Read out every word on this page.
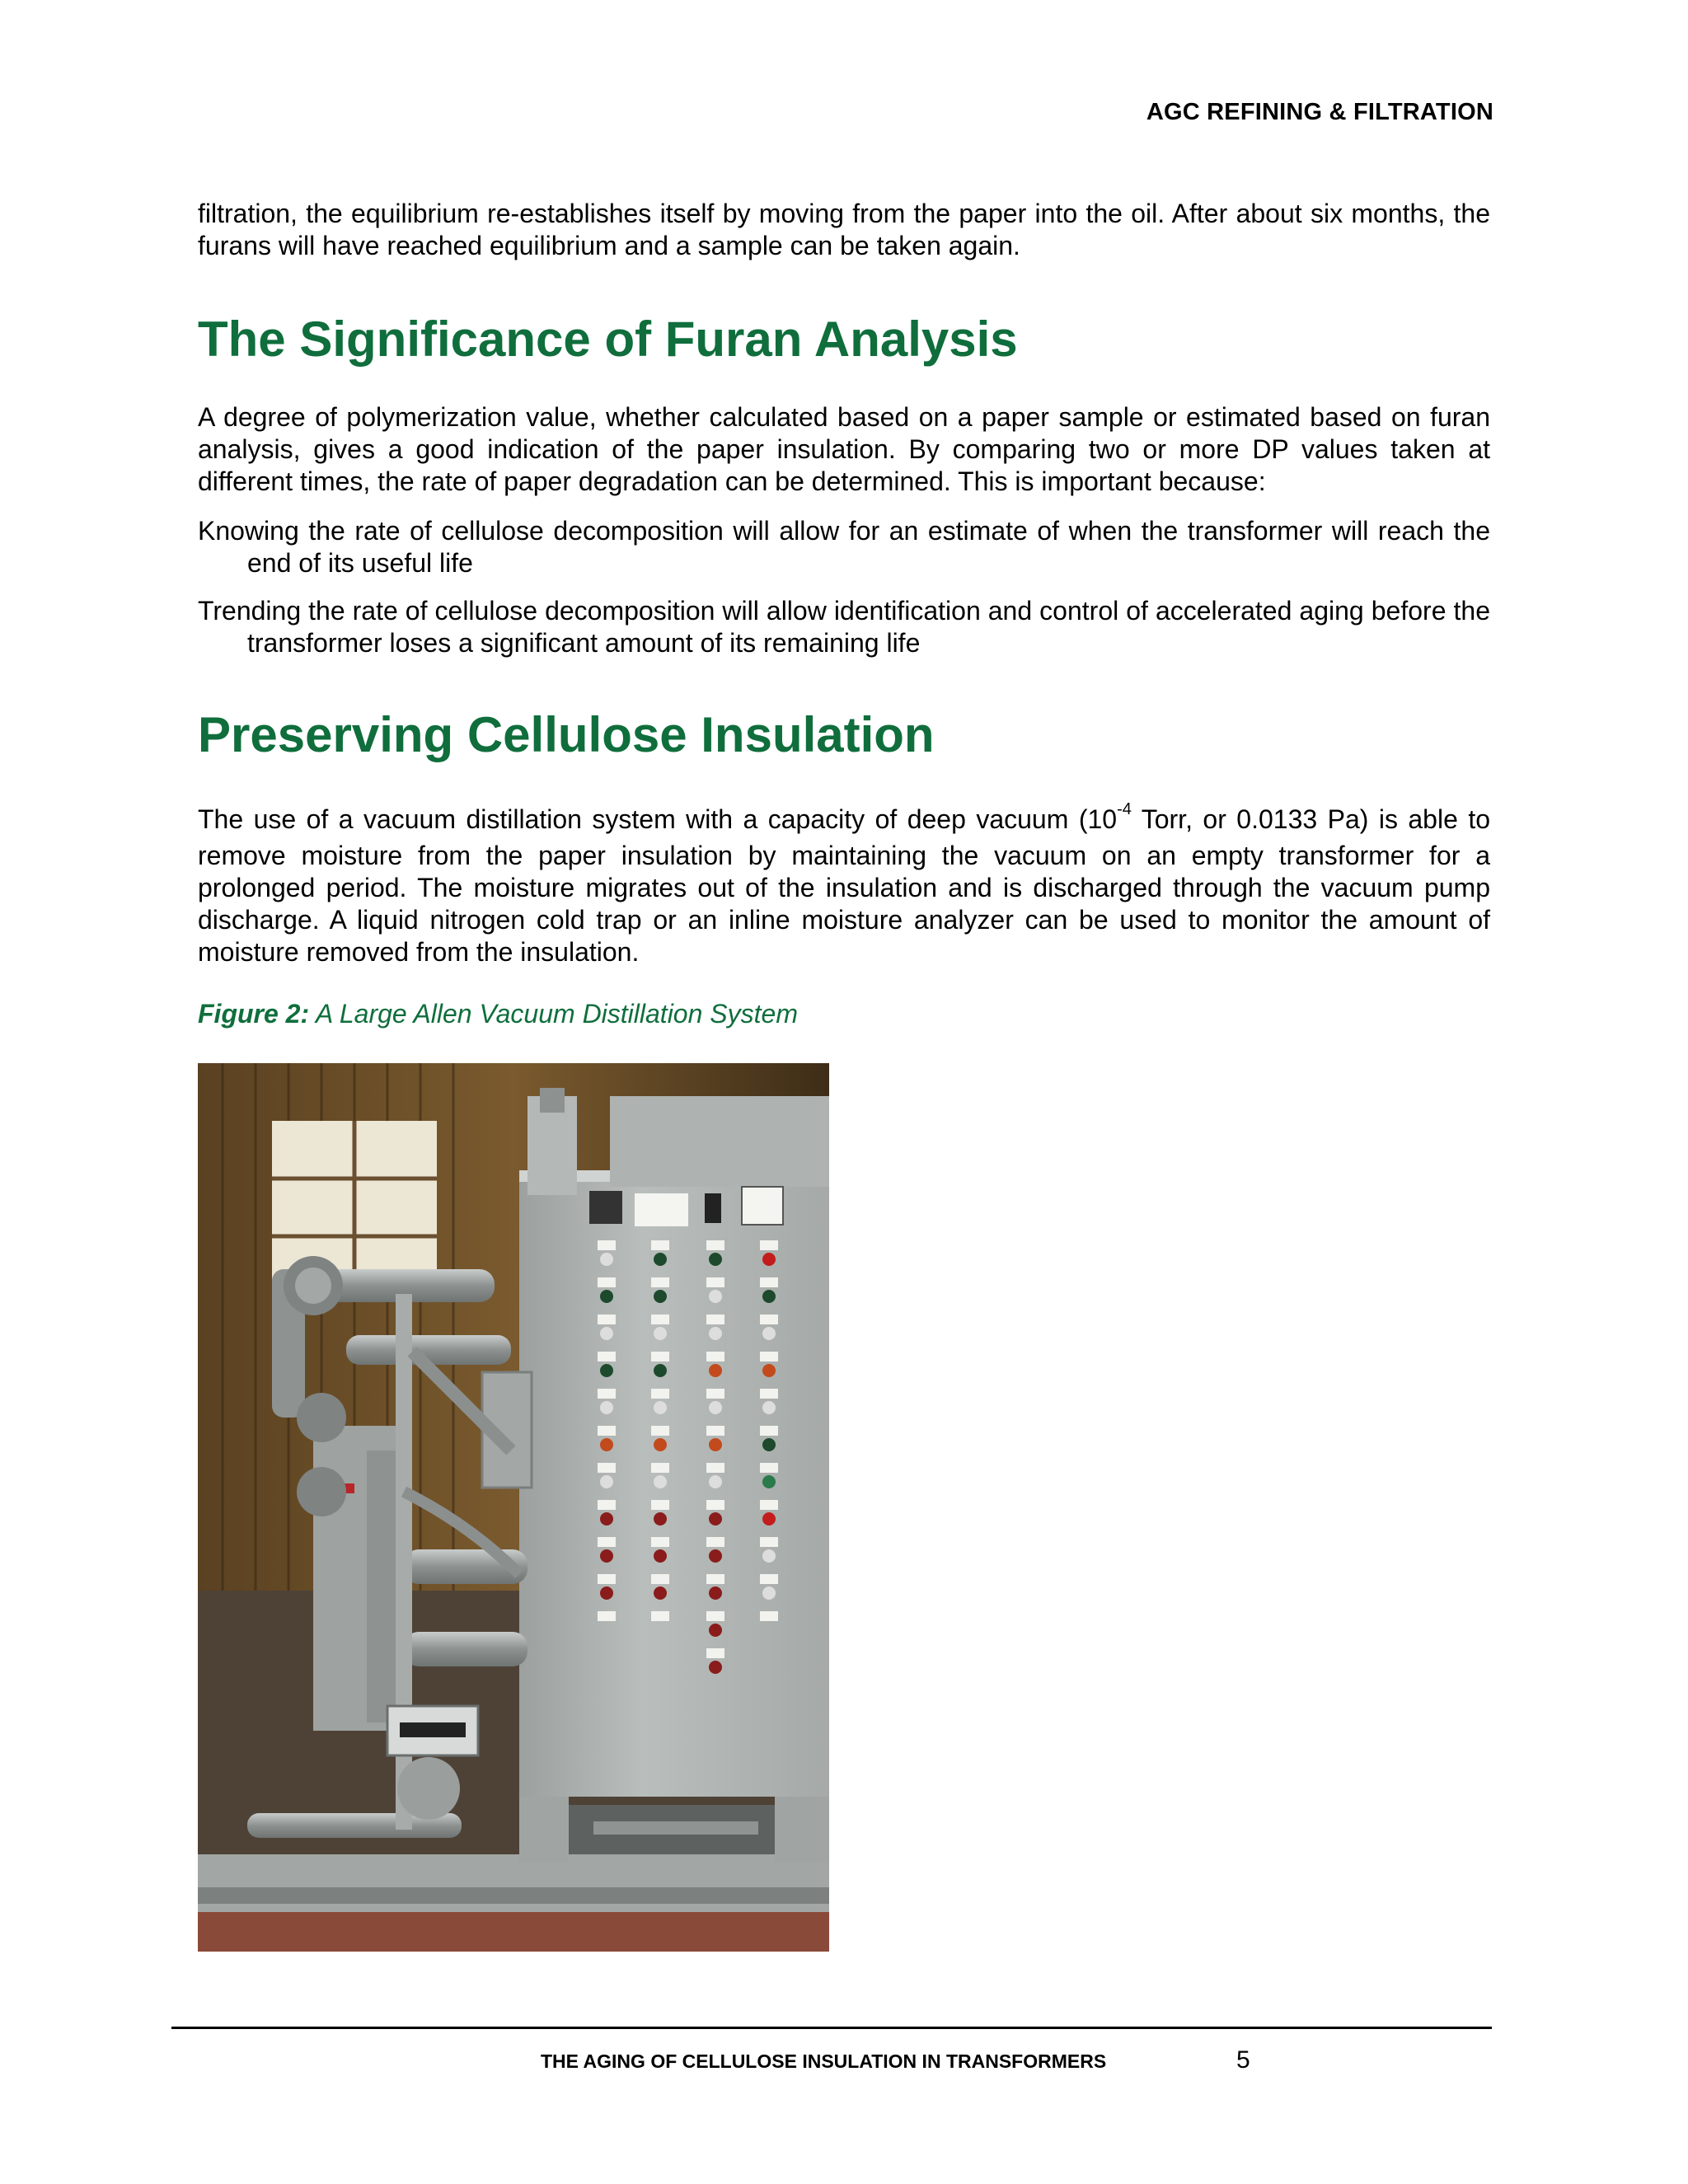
AGC REFINING & FILTRATION

filtration, the equilibrium re-establishes itself by moving from the paper into the oil. After about six months, the furans will have reached equilibrium and a sample can be taken again.

The Significance of Furan Analysis

A degree of polymerization value, whether calculated based on a paper sample or estimated based on furan analysis, gives a good indication of the paper insulation. By comparing two or more DP values taken at different times, the rate of paper degradation can be determined. This is important because:

Knowing the rate of cellulose decomposition will allow for an estimate of when the transformer will reach the end of its useful life
Trending the rate of cellulose decomposition will allow identification and control of accelerated aging before the transformer loses a significant amount of its remaining life
Preserving Cellulose Insulation

The use of a vacuum distillation system with a capacity of deep vacuum ($10^{-4}$ Torr, or 0.0133 Pa) is able to remove moisture from the paper insulation by maintaining the vacuum on an empty transformer for a prolonged period. The moisture migrates out of the insulation and is discharged through the vacuum pump discharge. A liquid nitrogen cold trap or an inline moisture analyzer can be used to monitor the amount of moisture removed from the insulation.

Figure 2: A Large Allen Vacuum Distillation System
THE AGING OF CELLULOSE INSULATION IN TRANSFORMERS	5
